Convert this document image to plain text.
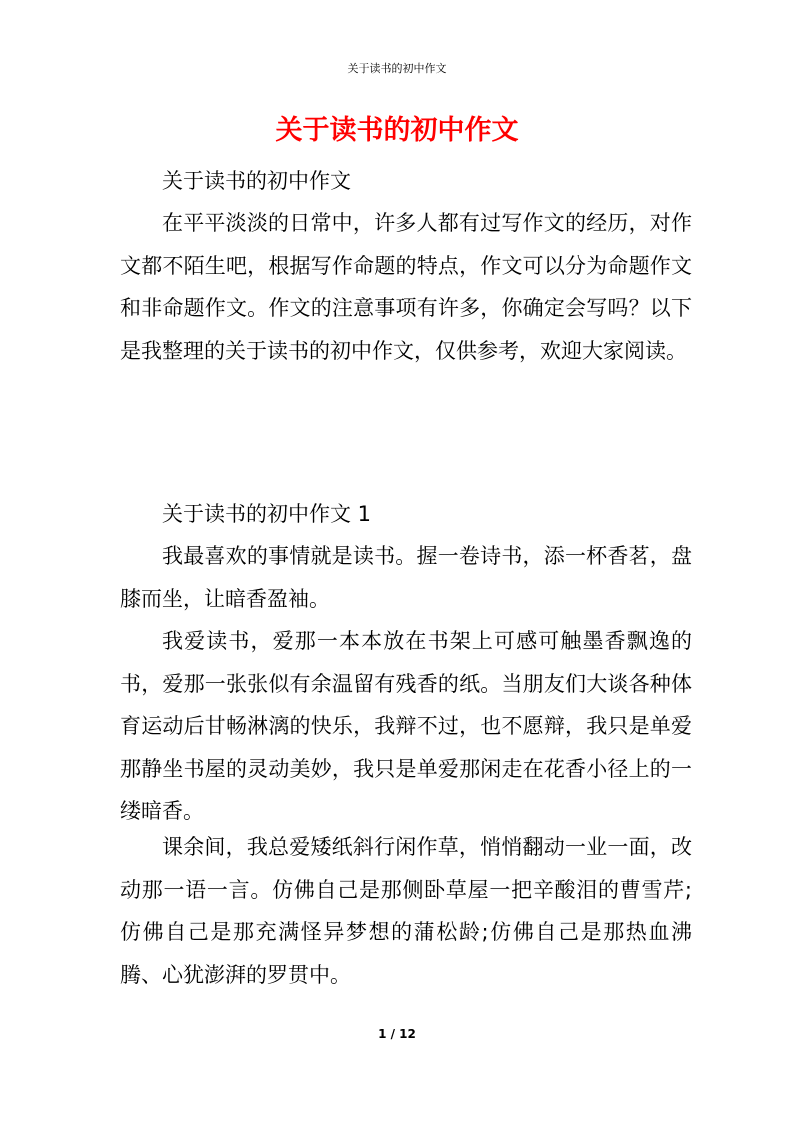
关于读书的初中作文
关于读书的初中作文

关于读书的初中作文

在平平淡淡的日常中，许多人都有过写作文的经历，对作文都不陌生吧，根据写作命题的特点，作文可以分为命题作文和非命题作文。作文的注意事项有许多，你确定会写吗？以下是我整理的关于读书的初中作文，仅供参考，欢迎大家阅读。

关于读书的初中作文 1

我最喜欢的事情就是读书。握一卷诗书，添一杯香茗，盘膝而坐，让暗香盈袖。

我爱读书，爱那一本本放在书架上可感可触墨香飘逸的书，爱那一张张似有余温留有残香的纸。当朋友们大谈各种体育运动后甘畅淋漓的快乐，我辩不过，也不愿辩，我只是单爱那静坐书屋的灵动美妙，我只是单爱那闲走在花香小径上的一缕暗香。

课余间，我总爱矮纸斜行闲作草，悄悄翻动一业一面，改动那一语一言。仿佛自己是那侧卧草屋一把辛酸泪的曹雪芹;仿佛自己是那充满怪异梦想的蒲松龄;仿佛自己是那热血沸腾、心犹澎湃的罗贯中。

1 / 12
